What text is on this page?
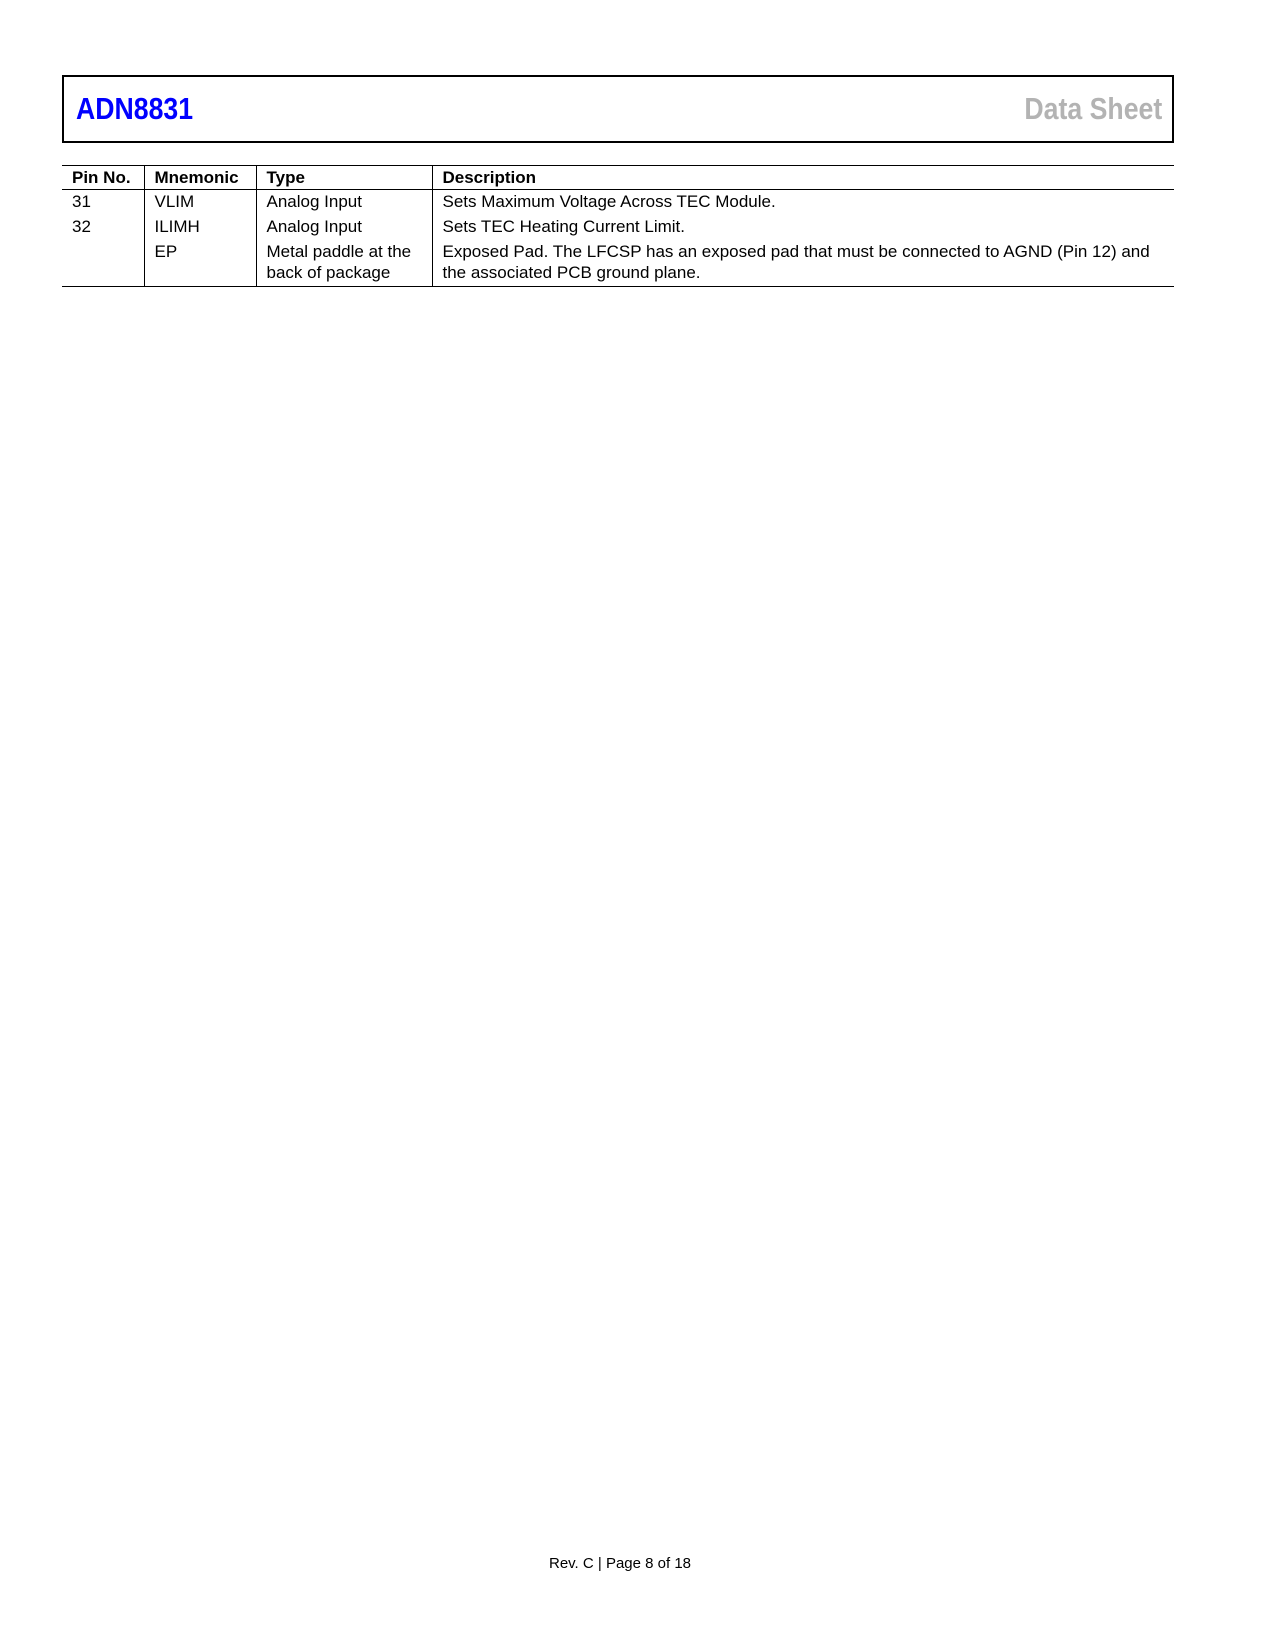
ADN8831	Data Sheet
Pin No.	Mnemonic	Type	Description
31	VLIM	Analog Input	Sets Maximum Voltage Across TEC Module.
32	ILIMH	Analog Input	Sets TEC Heating Current Limit.
	EP	Metal paddle at the back of package	Exposed Pad. The LFCSP has an exposed pad that must be connected to AGND (Pin 12) and the associated PCB ground plane.
Rev. C | Page 8 of 18
